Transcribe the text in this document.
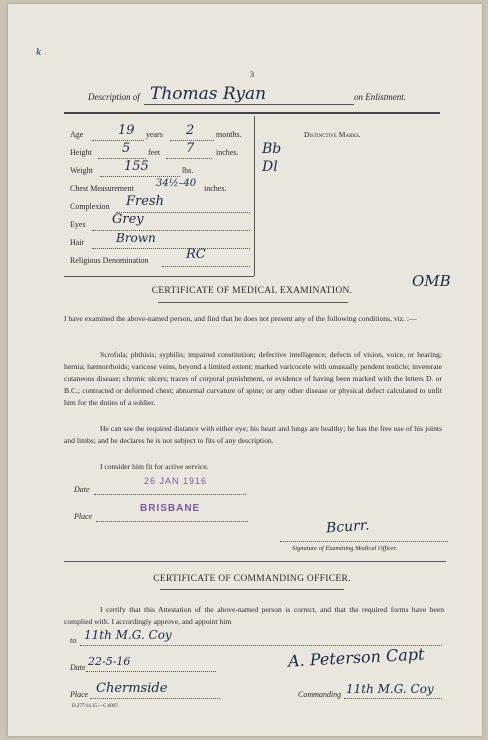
3
k
Description of Thomas Ryan	on Enlistment.
Age	19 years 2	months.
Height 5 feet 7	inches.
Weight 155	lbs.
Chest Measurement 34½–40 inches.
Complexion Fresh
Eyes Grey
Hair	Brown
Religious Denomination	RC
Distinctive Marks.
Bb
Dl
OMB
CERTIFICATE OF MEDICAL EXAMINATION.
I have examined the above-named person, and find that he does not present any of the following conditions, viz. :—
Scrofula; phthisis; syphilis; impaired constitution; defective intelligence; defects of vision, voice, or hearing; hernia; hæmorrhoids; varicose veins, beyond a limited extent; marked varicocele with unusually pendent testicle; inveterate cutaneous disease; chronic ulcers; traces of corporal punishment, or evidence of having been marked with the letters D. or B.C.; contracted or deformed chest; abnormal curvature of spine; or any other disease or physical defect calculated to unfit him for the duties of a soldier.
He can see the required distance with either eye; his heart and lungs are healthy; he has the free use of his joints and limbs; and he declares he is not subject to fits of any description.
I consider him fit for active service.
Date
26 JAN 1916
Place
BRISBANE
Bcurr.
Signature of Examining Medical Officer.
CERTIFICATE OF COMMANDING OFFICER.
I certify that this Attestation of the above-named person is correct, and that the required forms have been complied with. I accordingly approve, and appoint him
to 11th M.G. Coy
Date 22-5-16	A. Peterson Capt
Place Chermside	Commanding 11th M.G. Coy
D.277/14.15.—C.6097.
